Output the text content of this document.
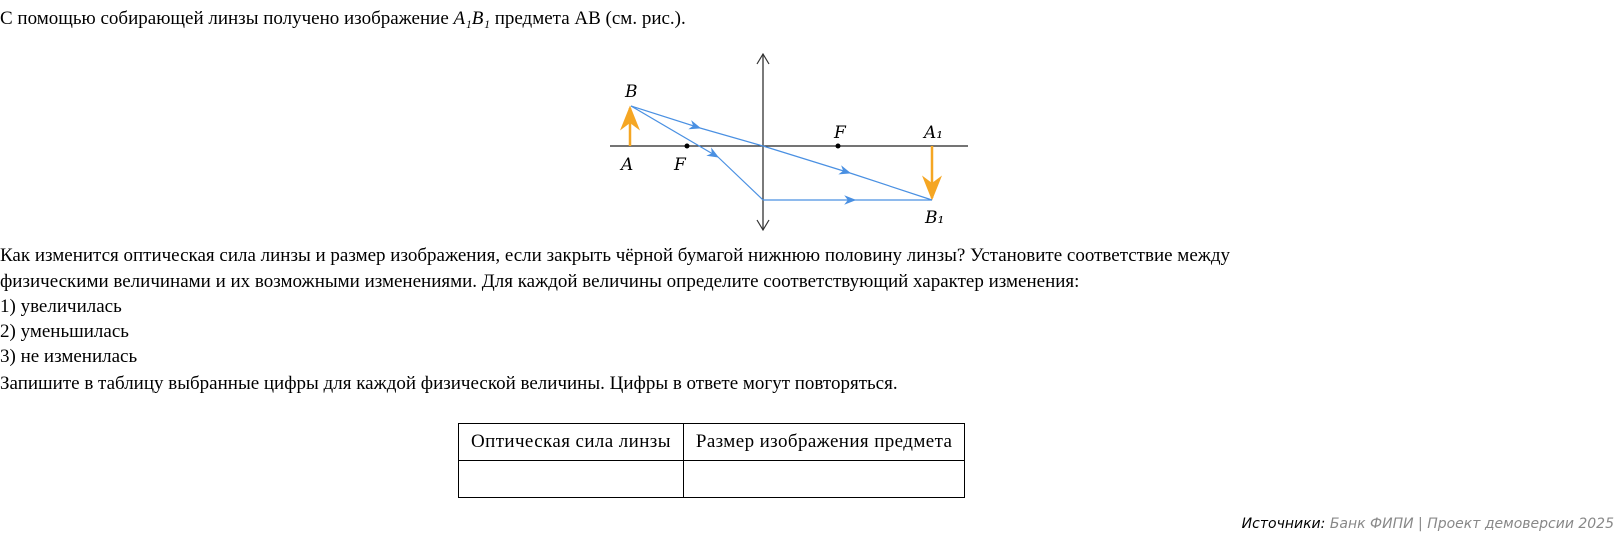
С помощью собирающей линзы получено изображение A₁B₁ предмета АВ (см. рис.).
B
A F
F	A₁
B₁
Как изменится оптическая сила линзы и размер изображения, если закрыть чёрной бумагой нижнюю половину линзы? Установите соответствие между
физическими величинами и их возможными изменениями. Для каждой величины определите соответствующий характер изменения:
1) увеличилась
2) уменьшилась
3) не изменилась
Запишите в таблицу выбранные цифры для каждой физической величины. Цифры в ответе могут повторяться.
Оптическая сила линзы	Размер изображения предмета

Источники: Банк ФИПИ | Проект демоверсии 2025
